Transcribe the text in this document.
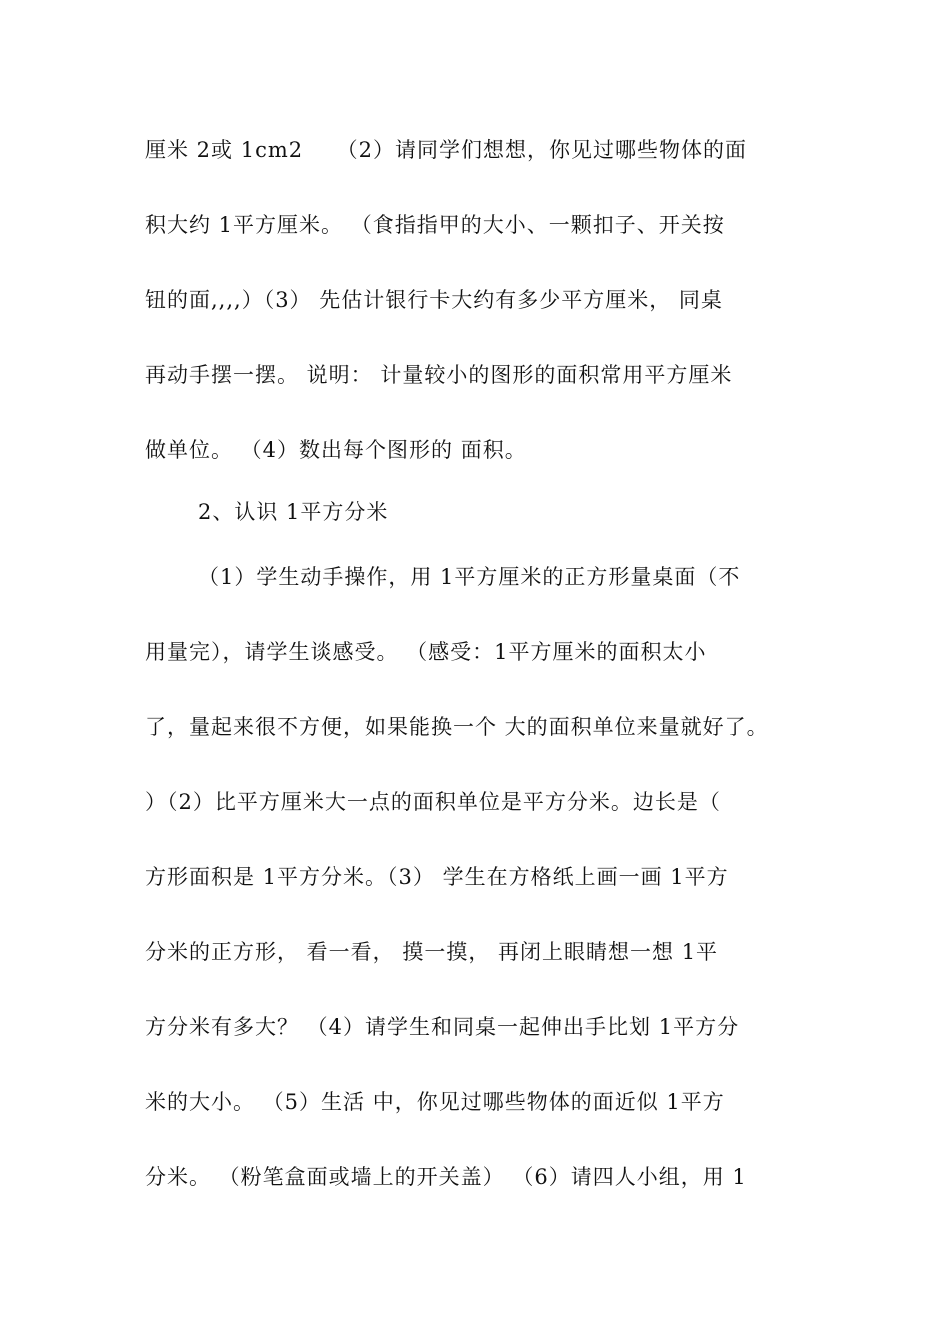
厘米 2或 1cm2　　（2）请同学们想想，你见过哪些物体的面
积大约 1平方厘米。 （食指指甲的大小、一颗扣子、开关按
钮的面,,,,）（3） 先估计银行卡大约有多少平方厘米， 同桌
再动手摆一摆。 说明： 计量较小的图形的面积常用平方厘米
做单位。 （4）数出每个图形的 面积。
2、认识 1平方分米
（1）学生动手操作，用 1平方厘米的正方形量桌面（不
用量完），请学生谈感受。 （感受：1平方厘米的面积太小
了，量起来很不方便，如果能换一个 大的面积单位来量就好了。
）（2）比平方厘米大一点的面积单位是平方分米。边长是（
方形面积是 1平方分米。（3） 学生在方格纸上画一画 1平方
分米的正方形， 看一看， 摸一摸， 再闭上眼睛想一想 1平
方分米有多大？ （4）请学生和同桌一起伸出手比划 1平方分
米的大小。 （5）生活 中，你见过哪些物体的面近似 1平方
分米。 （粉笔盒面或墙上的开关盖） （6）请四人小组，用 1
